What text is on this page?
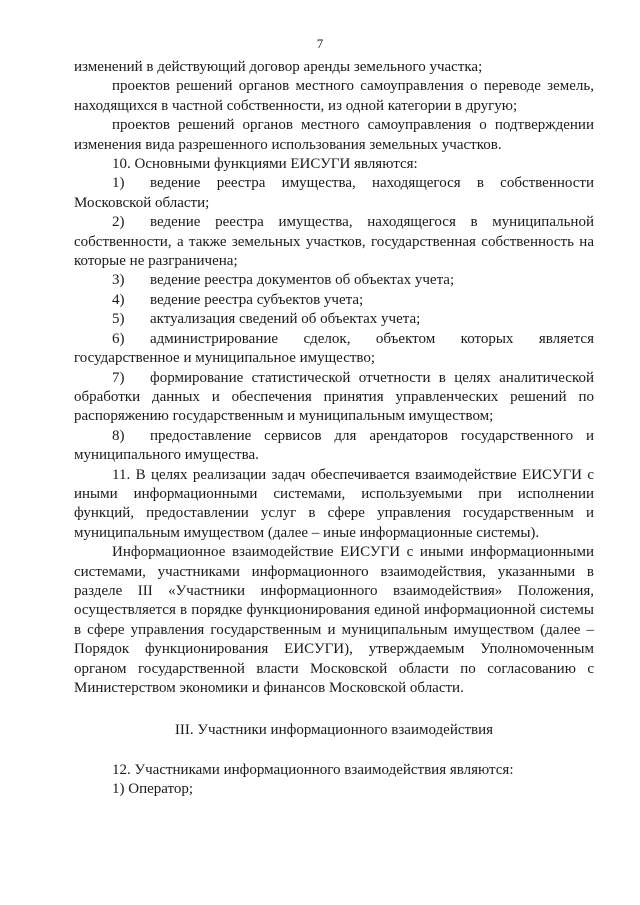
7

изменений в действующий договор аренды земельного участка;

проектов решений органов местного самоуправления о переводе земель, находящихся в частной собственности, из одной категории в другую;

проектов решений органов местного самоуправления о подтверждении изменения вида разрешенного использования земельных участков.

10. Основными функциями ЕИСУГИ являются:

1) ведение реестра имущества, находящегося в собственности Московской области;

2) ведение реестра имущества, находящегося в муниципальной собственности, а также земельных участков, государственная собственность на которые не разграничена;

3) ведение реестра документов об объектах учета;

4) ведение реестра субъектов учета;

5) актуализация сведений об объектах учета;

6) администрирование сделок, объектом которых является государственное и муниципальное имущество;

7) формирование статистической отчетности в целях аналитической обработки данных и обеспечения принятия управленческих решений по распоряжению государственным и муниципальным имуществом;

8) предоставление сервисов для арендаторов государственного и муниципального имущества.

11. В целях реализации задач обеспечивается взаимодействие ЕИСУГИ с иными информационными системами, используемыми при исполнении функций, предоставлении услуг в сфере управления государственным и муниципальным имуществом (далее – иные информационные системы).

Информационное взаимодействие ЕИСУГИ с иными информационными системами, участниками информационного взаимодействия, указанными в разделе III «Участники информационного взаимодействия» Положения, осуществляется в порядке функционирования единой информационной системы в сфере управления государственным и муниципальным имуществом (далее – Порядок функционирования ЕИСУГИ), утверждаемым Уполномоченным органом государственной власти Московской области по согласованию с Министерством экономики и финансов Московской области.

III. Участники информационного взаимодействия

12. Участниками информационного взаимодействия являются:

1) Оператор;
